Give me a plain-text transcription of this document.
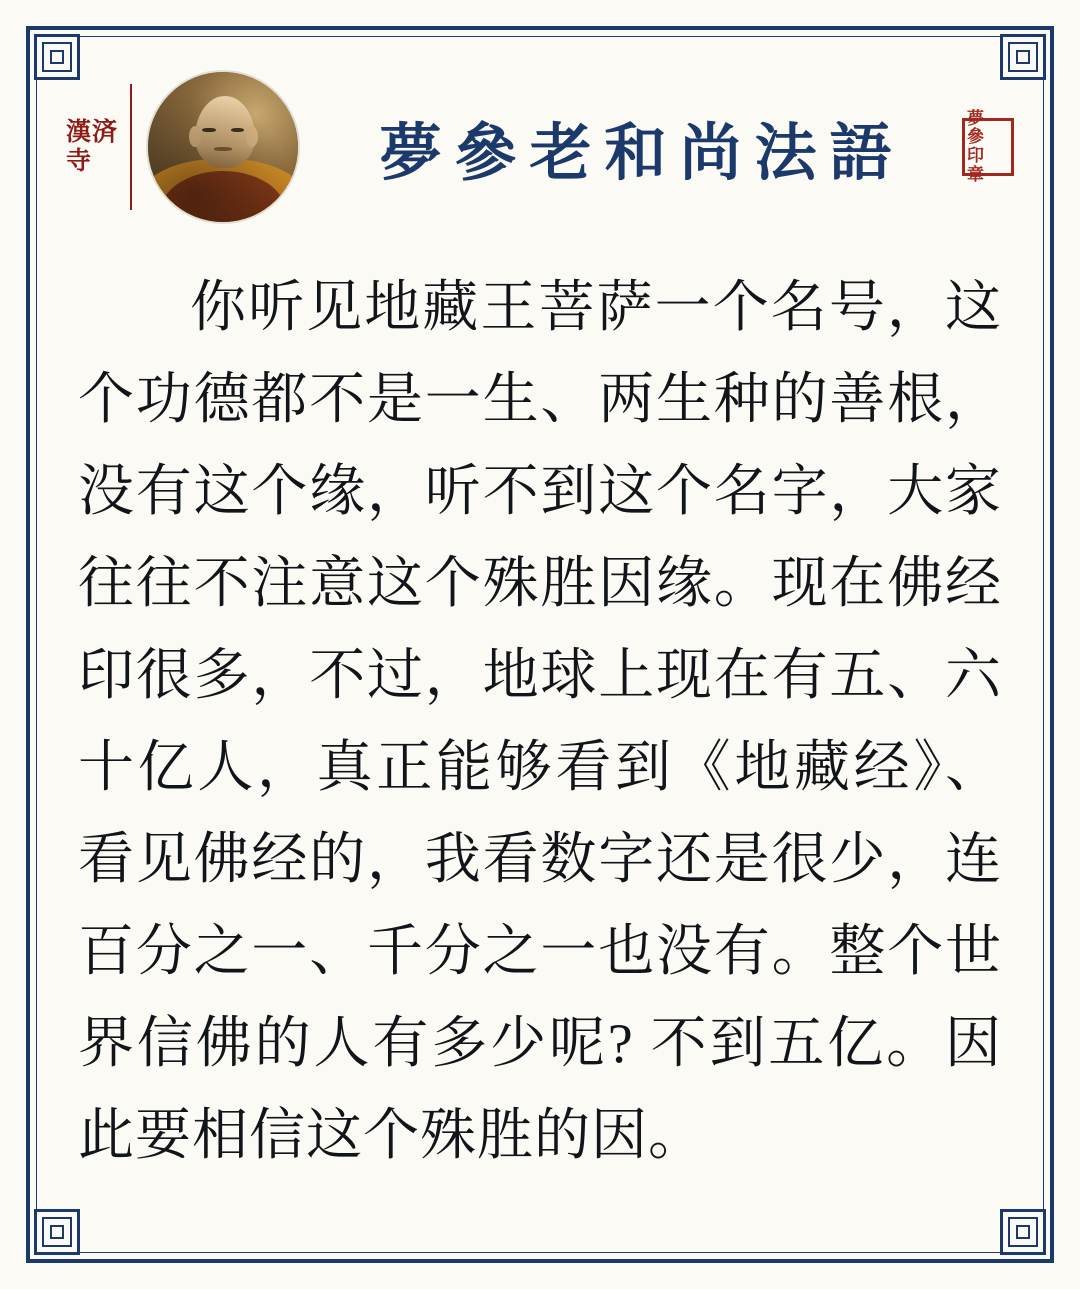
漢済寺	夢參老和尚法語
夢參印章
你听见地藏王菩萨一个名号，这个功德都不是一生、两生种的善根，没有这个缘，听不到这个名字，大家往往不注意这个殊胜因缘。现在佛经印很多，不过，地球上现在有五、六十亿人，真正能够看到《地藏经》、看见佛经的，我看数字还是很少，连百分之一、千分之一也没有。整个世界信佛的人有多少呢? 不到五亿。因此要相信这个殊胜的因。
